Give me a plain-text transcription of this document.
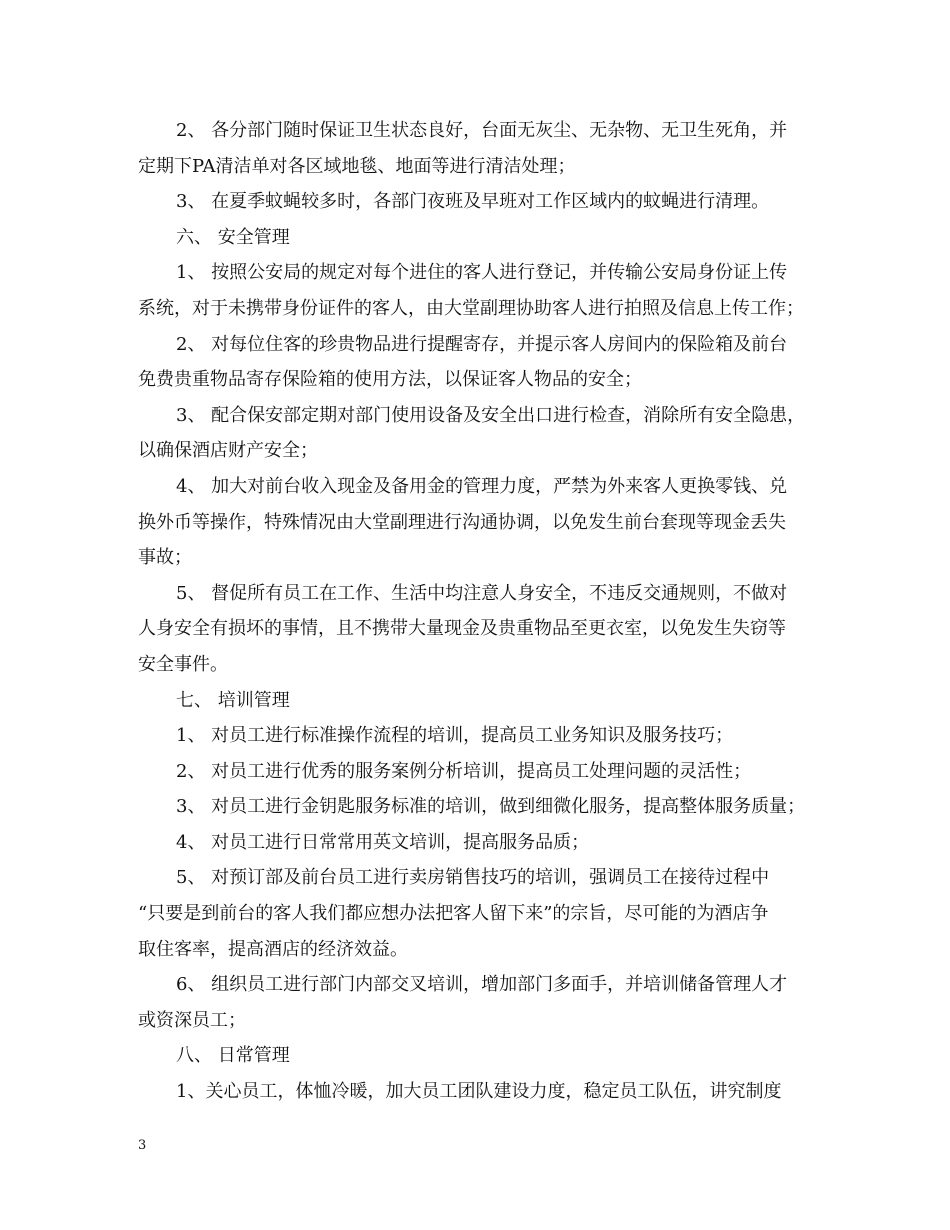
2、 各分部门随时保证卫生状态良好，台面无灰尘、无杂物、无卫生死角，并
定期下PA清洁单对各区域地毯、地面等进行清洁处理；
3、 在夏季蚊蝇较多时，各部门夜班及早班对工作区域内的蚊蝇进行清理。
六、 安全管理
1、 按照公安局的规定对每个进住的客人进行登记，并传输公安局身份证上传
系统，对于未携带身份证件的客人，由大堂副理协助客人进行拍照及信息上传工作；
2、 对每位住客的珍贵物品进行提醒寄存，并提示客人房间内的保险箱及前台
免费贵重物品寄存保险箱的使用方法，以保证客人物品的安全；
3、 配合保安部定期对部门使用设备及安全出口进行检查，消除所有安全隐患，
以确保酒店财产安全；
4、 加大对前台收入现金及备用金的管理力度，严禁为外来客人更换零钱、兑
换外币等操作，特殊情况由大堂副理进行沟通协调，以免发生前台套现等现金丢失
事故；
5、 督促所有员工在工作、生活中均注意人身安全，不违反交通规则，不做对
人身安全有损坏的事情，且不携带大量现金及贵重物品至更衣室，以免发生失窃等
安全事件。
七、 培训管理
1、 对员工进行标准操作流程的培训，提高员工业务知识及服务技巧；
2、 对员工进行优秀的服务案例分析培训，提高员工处理问题的灵活性；
3、 对员工进行金钥匙服务标准的培训，做到细微化服务，提高整体服务质量；
4、 对员工进行日常常用英文培训，提高服务品质；
5、 对预订部及前台员工进行卖房销售技巧的培训，强调员工在接待过程中
“只要是到前台的客人我们都应想办法把客人留下来”的宗旨，尽可能的为酒店争
取住客率，提高酒店的经济效益。
6、 组织员工进行部门内部交叉培训，增加部门多面手，并培训储备管理人才
或资深员工；
八、 日常管理
1、关心员工，体恤冷暖，加大员工团队建设力度，稳定员工队伍，讲究制度
3
